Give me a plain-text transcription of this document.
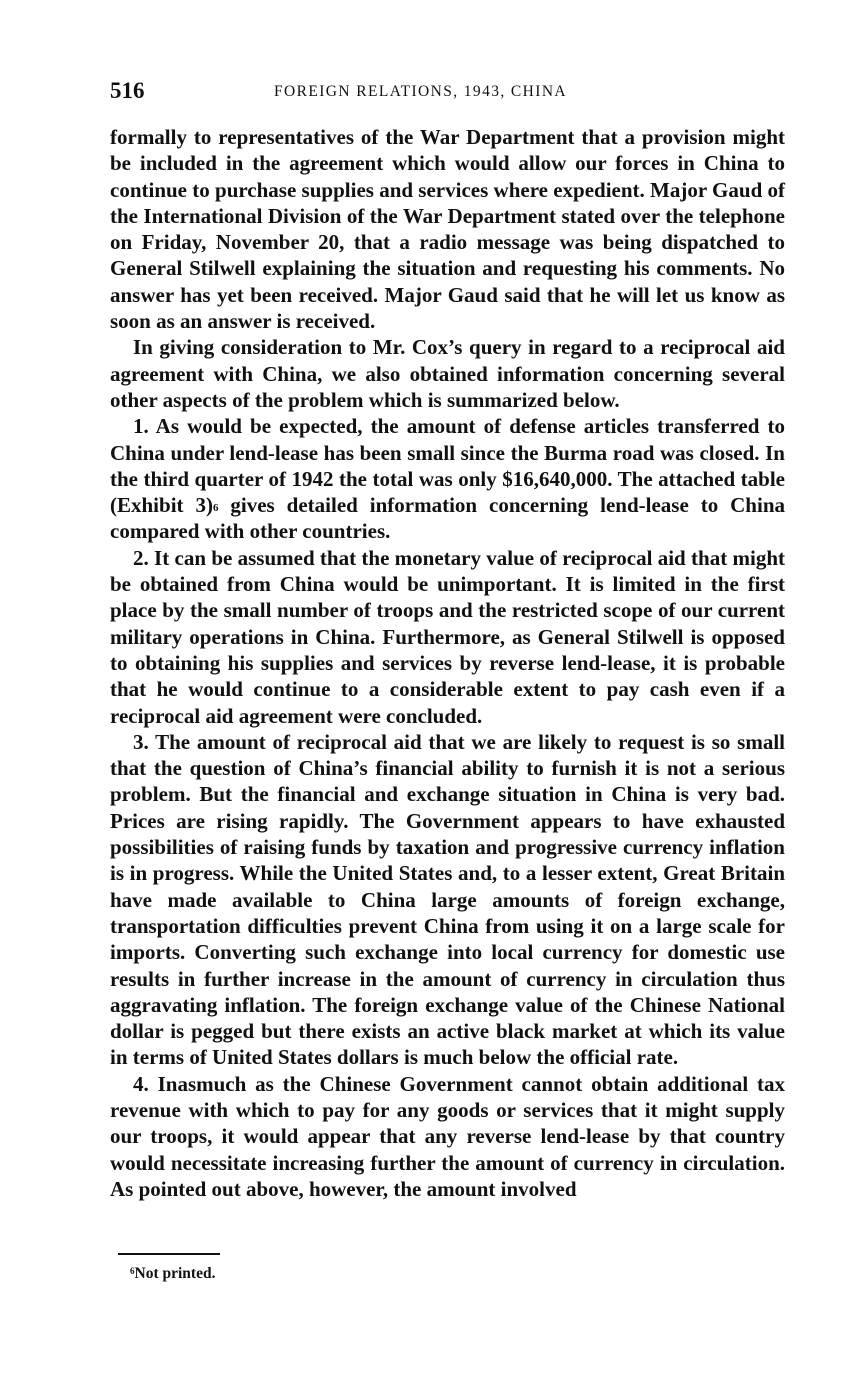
516	FOREIGN RELATIONS, 1943, CHINA

formally to representatives of the War Department that a provision might be included in the agreement which would allow our forces in China to continue to purchase supplies and services where expedient. Major Gaud of the International Division of the War Department stated over the telephone on Friday, November 20, that a radio message was being dispatched to General Stilwell explaining the situation and requesting his comments. No answer has yet been received. Major Gaud said that he will let us know as soon as an answer is received.

In giving consideration to Mr. Cox’s query in regard to a reciprocal aid agreement with China, we also obtained information concerning several other aspects of the problem which is summarized below.

1. As would be expected, the amount of defense articles transferred to China under lend-lease has been small since the Burma road was closed. In the third quarter of 1942 the total was only $16,640,000. The attached table (Exhibit 3)$^6$ gives detailed information concerning lend-lease to China compared with other countries.

2. It can be assumed that the monetary value of reciprocal aid that might be obtained from China would be unimportant. It is limited in the first place by the small number of troops and the restricted scope of our current military operations in China. Furthermore, as General Stilwell is opposed to obtaining his supplies and services by reverse lend-lease, it is probable that he would continue to a considerable extent to pay cash even if a reciprocal aid agreement were concluded.

3. The amount of reciprocal aid that we are likely to request is so small that the question of China’s financial ability to furnish it is not a serious problem. But the financial and exchange situation in China is very bad. Prices are rising rapidly. The Government appears to have exhausted possibilities of raising funds by taxation and progressive currency inflation is in progress. While the United States and, to a lesser extent, Great Britain have made available to China large amounts of foreign exchange, transportation difficulties prevent China from using it on a large scale for imports. Converting such exchange into local currency for domestic use results in further increase in the amount of currency in circulation thus aggravating inflation. The foreign exchange value of the Chinese National dollar is pegged but there exists an active black market at which its value in terms of United States dollars is much below the official rate.

4. Inasmuch as the Chinese Government cannot obtain additional tax revenue with which to pay for any goods or services that it might supply our troops, it would appear that any reverse lend-lease by that country would necessitate increasing further the amount of currency in circulation. As pointed out above, however, the amount involved

$^6$Not printed.
